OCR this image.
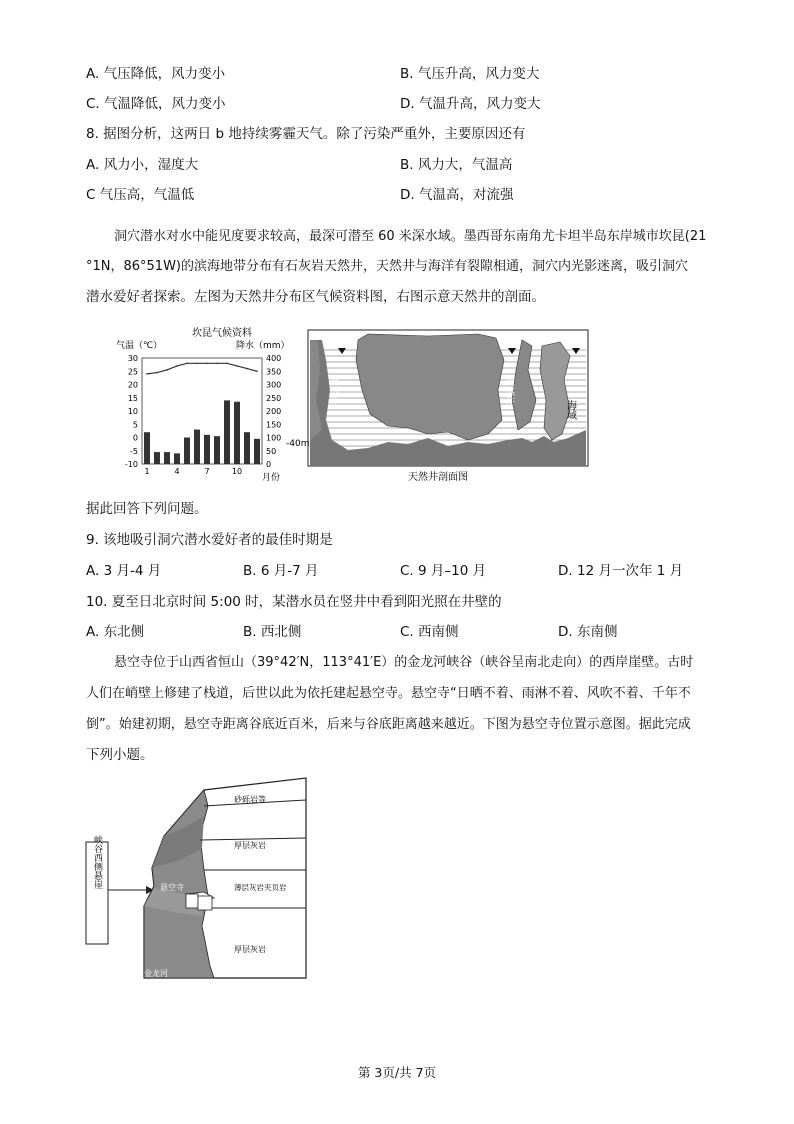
A. 气压降低，风力变小	B. 气压升高，风力变大
C. 气温降低，风力变小	D. 气温升高，风力变大
8. 据图分析，这两日 b 地持续雾霾天气。除了污染严重外，主要原因还有
A. 风力小，湿度大	B. 风力大，气温高
C 气压高，气温低	D. 气温高，对流强
洞穴潜水对水中能见度要求较高，最深可潜至 60 米深水域。墨西哥东南角尤卡坦半岛东岸城市坎昆(21
°1N，86°51W)的滨海地带分布有石灰岩天然井，天然井与海洋有裂隙相通，洞穴内光影迷离，吸引洞穴
潜水爱好者探索。左图为天然井分布区气候资料图，右图示意天然井的剖面。
坎昆气候资料
气温（℃）	降水（mm）
30
25
20
15
10
5
0
-5
-10
400
350
300
250
200
150
100
50
0
1	4	7	10
月份
天然井	天然井
海域
-40m
天然井剖面图
据此回答下列问题。
9. 该地吸引洞穴潜水爱好者的最佳时期是
A. 3 月-4 月	B. 6 月-7 月	C. 9 月–10 月	D. 12 月一次年 1 月
10. 夏至日北京时间 5:00 时，某潜水员在竖井中看到阳光照在井壁的
A. 东北侧	B. 西北侧	C. 西南侧	D. 东南侧
悬空寺位于山西省恒山（39°42′N，113°41′E）的金龙河峡谷（峡谷呈南北走向）的西岸崖壁。古时
人们在峭壁上修建了栈道，后世以此为依托建起悬空寺。悬空寺“日晒不着、雨淋不着、风吹不着、千年不
倒”。始建初期，悬空寺距离谷底近百米，后来与谷底距离越来越近。下图为悬空寺位置示意图。据此完成
下列小题。
峡谷西侧悬崖	悬空寺
砂砾岩等
厚层灰岩
薄层灰岩夹页岩
厚层灰岩
金龙河
第 3页/共 7页
